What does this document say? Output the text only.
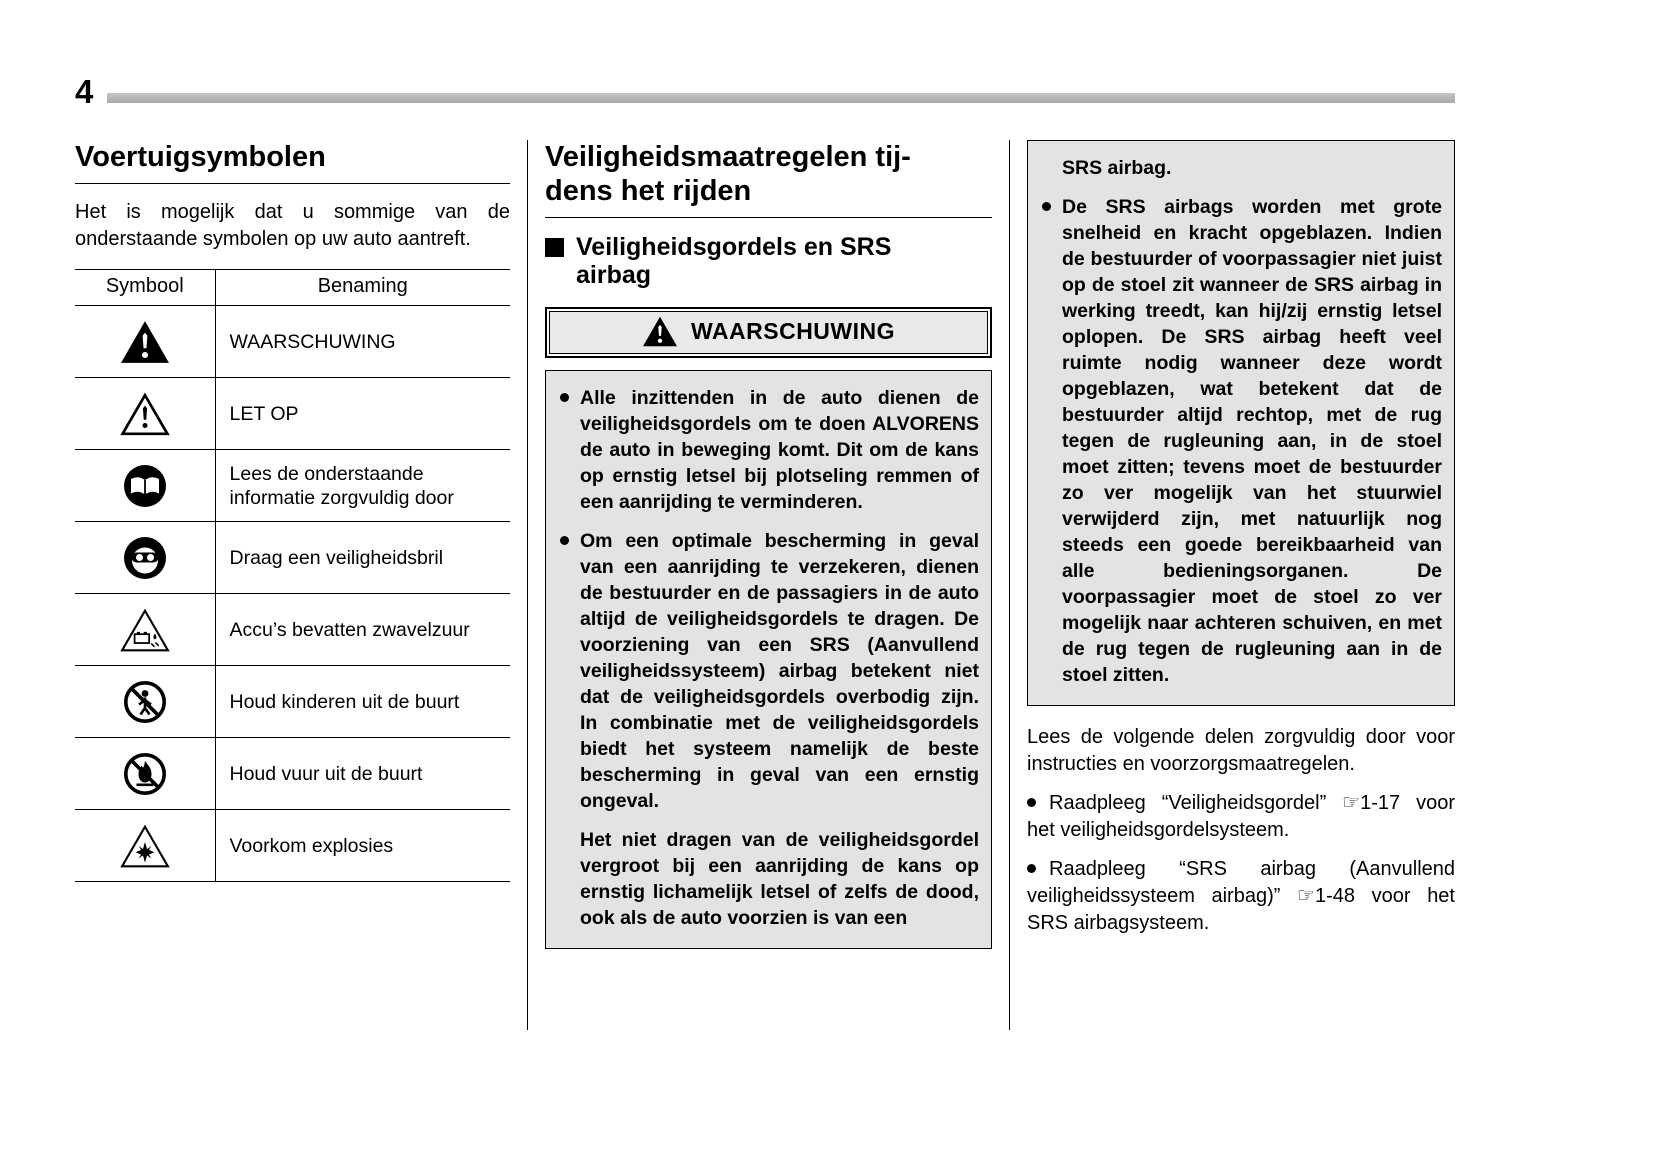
4
Voertuigsymbolen

Het is mogelijk dat u sommige van de onderstaande symbolen op uw auto aantreft.

Symbool	Benaming
	WAARSCHUWING
	LET OP
	Lees de onderstaande informatie zorgvuldig door
	Draag een veiligheidsbril
	Accu’s bevatten zwavelzuur
	Houd kinderen uit de buurt
	Houd vuur uit de buurt
	Voorkom explosies
Veiligheidsmaatregelen tij-
dens het rijden
Veiligheidsgordels en SRS airbag
WAARSCHUWING

Alle inzittenden in de auto dienen de veiligheidsgordels om te doen ALVORENS de auto in beweging komt. Dit om de kans op ernstig letsel bij plotseling remmen of een aanrijding te verminderen.

Om een optimale bescherming in geval van een aanrijding te verzekeren, dienen de bestuurder en de passagiers in de auto altijd de veiligheidsgordels te dragen. De voorziening van een SRS (Aanvullend veiligheidssysteem) airbag betekent niet dat de veiligheidsgordels overbodig zijn. In combinatie met de veiligheidsgordels biedt het systeem namelijk de beste bescherming in geval van een ernstig ongeval.

Het niet dragen van de veiligheidsgordel vergroot bij een aanrijding de kans op ernstig lichamelijk letsel of zelfs de dood, ook als de auto voorzien is van een

SRS airbag.

De SRS airbags worden met grote snelheid en kracht opgeblazen. Indien de bestuurder of voorpassagier niet juist op de stoel zit wanneer de SRS airbag in werking treedt, kan hij/zij ernstig letsel oplopen. De SRS airbag heeft veel ruimte nodig wanneer deze wordt opgeblazen, wat betekent dat de bestuurder altijd rechtop, met de rug tegen de rugleuning aan, in de stoel moet zitten; tevens moet de bestuurder zo ver mogelijk van het stuurwiel verwijderd zijn, met natuurlijk nog steeds een goede bereikbaarheid van alle bedieningsorganen. De voorpassagier moet de stoel zo ver mogelijk naar achteren schuiven, en met de rug tegen de rugleuning aan in de stoel zitten.

Lees de volgende delen zorgvuldig door voor instructies en voorzorgsmaatregelen.

Raadpleeg “Veiligheidsgordel” ☞1-17 voor het veiligheidsgordelsysteem.

Raadpleeg “SRS airbag (Aanvullend veiligheidssysteem airbag)” ☞1-48 voor het SRS airbagsysteem.
